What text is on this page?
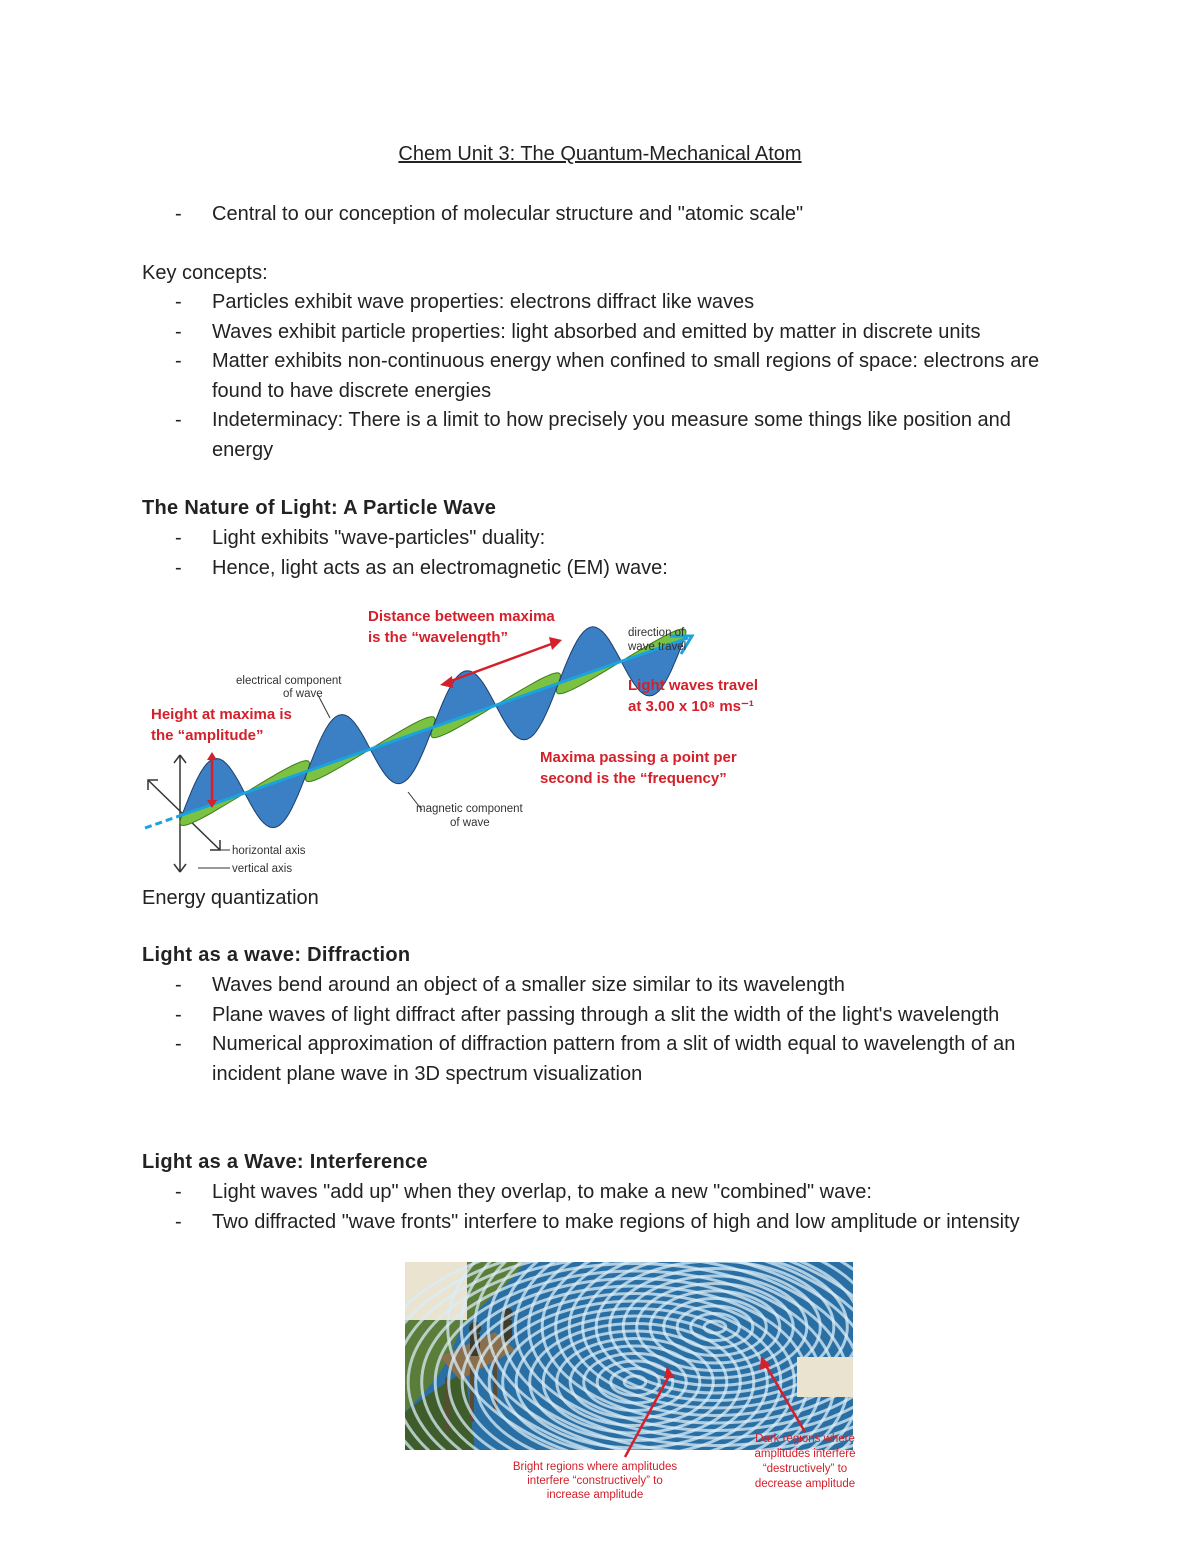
Chem Unit 3: The Quantum-Mechanical Atom
- Central to our conception of molecular structure and "atomic scale"
Key concepts:
- Particles exhibit wave properties: electrons diffract like waves
- Waves exhibit particle properties: light absorbed and emitted by matter in discrete units
- Matter exhibits non-continuous energy when confined to small regions of space: electrons are found to have discrete energies
- Indeterminacy: There is a limit to how precisely you measure some things like position and energy
The Nature of Light: A Particle Wave
- Light exhibits "wave-particles" duality:
- Hence, light acts as an electromagnetic (EM) wave:
Distance between maxima
is the “wavelength”	direction of
wave travel
Light waves travel
at 3.00 x 10⁸ ms⁻¹
electrical component
of wave
Height at maxima is
the “amplitude”
Maxima passing a point per
second is the “frequency”
magnetic component
of wave
horizontal axis
vertical axis
Energy quantization
Light as a wave: Diffraction
- Waves bend around an object of a smaller size similar to its wavelength
- Plane waves of light diffract after passing through a slit the width of the light's wavelength
- Numerical approximation of diffraction pattern from a slit of width equal to wavelength of an incident plane wave in 3D spectrum visualization
Light as a Wave: Interference
- Light waves "add up" when they overlap, to make a new "combined" wave:
- Two diffracted "wave fronts" interfere to make regions of high and low amplitude or intensity
Bright regions where amplitudes
interfere “constructively” to
increase amplitude
Dark regions where
amplitudes interfere
“destructively” to
decrease amplitude
